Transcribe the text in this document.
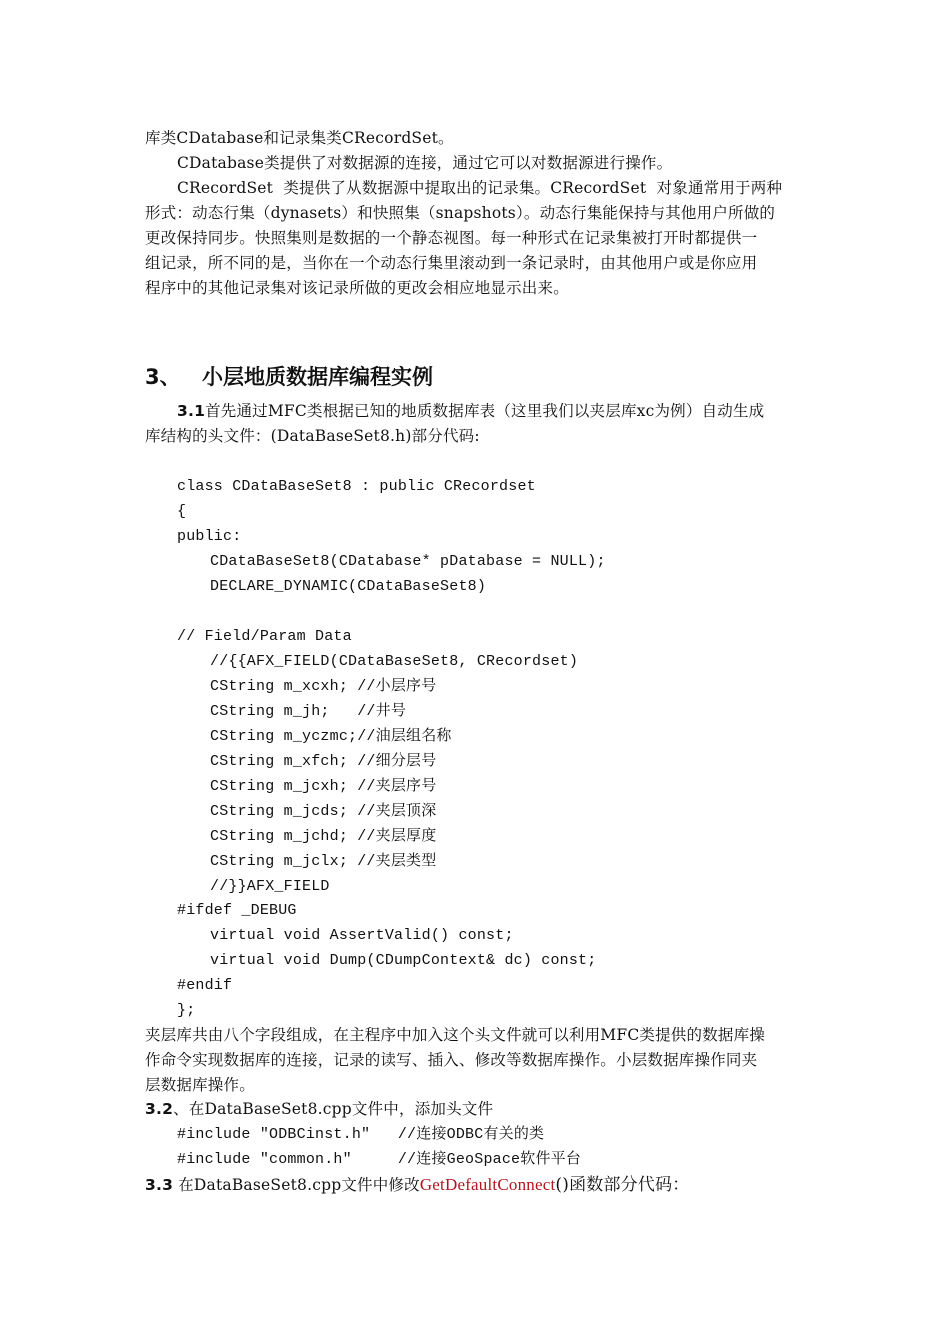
库类CDatabase和记录集类CRecordSet。
CDatabase类提供了对数据源的连接，通过它可以对数据源进行操作。
CRecordSet  类提供了从数据源中提取出的记录集。CRecordSet  对象通常用于两种
形式：动态行集（dynasets）和快照集（snapshots）。动态行集能保持与其他用户所做的
更改保持同步。快照集则是数据的一个静态视图。每一种形式在记录集被打开时都提供一
组记录，所不同的是，当你在一个动态行集里滚动到一条记录时，由其他用户或是你应用
程序中的其他记录集对该记录所做的更改会相应地显示出来。
3、 小层地质数据库编程实例
3.1首先通过MFC类根据已知的地质数据库表（这里我们以夹层库xc为例）自动生成
库结构的头文件：(DataBaseSet8.h)部分代码:
class CDataBaseSet8 : public CRecordset
{
public:
CDataBaseSet8(CDatabase* pDatabase = NULL);
DECLARE_DYNAMIC(CDataBaseSet8)
// Field/Param Data
//{{AFX_FIELD(CDataBaseSet8, CRecordset)
CString m_xcxh; //小层序号
CString m_jh;   //井号
CString m_yczmc;//油层组名称
CString m_xfch; //细分层号
CString m_jcxh; //夹层序号
CString m_jcds; //夹层顶深
CString m_jchd; //夹层厚度
CString m_jclx; //夹层类型
//}}AFX_FIELD
#ifdef _DEBUG
virtual void AssertValid() const;
virtual void Dump(CDumpContext& dc) const;
#endif
};
夹层库共由八个字段组成，在主程序中加入这个头文件就可以利用MFC类提供的数据库操
作命令实现数据库的连接，记录的读写、插入、修改等数据库操作。小层数据库操作同夹
层数据库操作。
3.2、在DataBaseSet8.cpp文件中，添加头文件
#include "ODBCinst.h"   //连接ODBC有关的类
#include "common.h"     //连接GeoSpace软件平台
3.3 在DataBaseSet8.cpp文件中修改GetDefaultConnect()函数部分代码：
